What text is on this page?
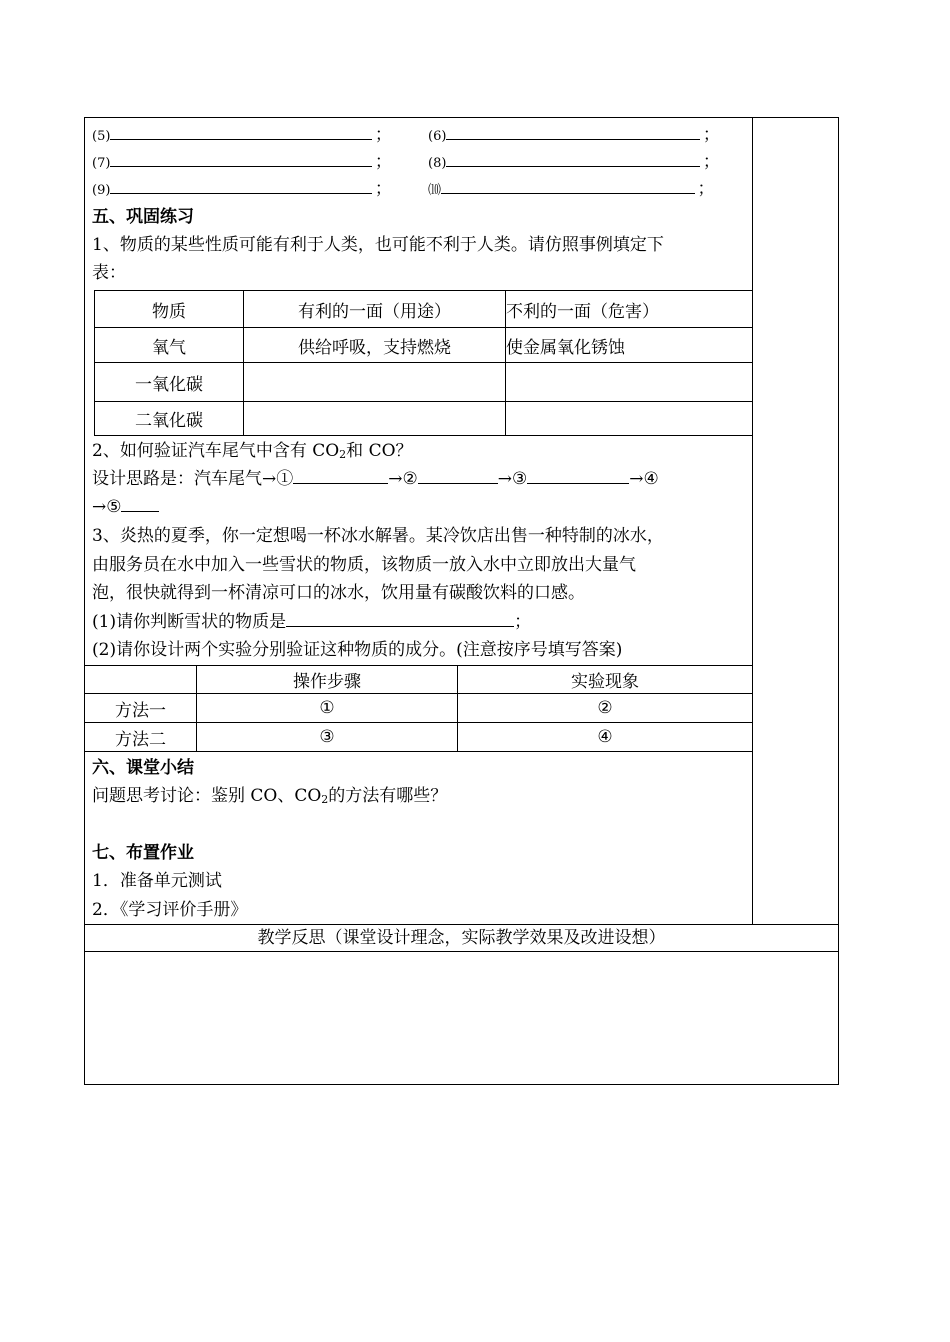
(5)	；	(6)	；
(7)	；	(8)	；
(9)	；	⑽	；
五、巩固练习
1、物质的某些性质可能有利于人类，也可能不利于人类。请仿照事例填定下
表：
物质	有利的一面（用途）	不利的一面（危害）
氧气	供给呼吸，支持燃烧	使金属氧化锈蚀
一氧化碳		
二氧化碳		
2、如何验证汽车尾气中含有 $CO_2$和 CO？
设计思路是：汽车尾气→①	→②	→③	→④
→⑤
3、炎热的夏季，你一定想喝一杯冰水解暑。某冷饮店出售一种特制的冰水，
由服务员在水中加入一些雪状的物质，该物质一放入水中立即放出大量气
泡，很快就得到一杯清凉可口的冰水，饮用量有碳酸饮料的口感。
(1)请你判断雪状的物质是	；
(2)请你设计两个实验分别验证这种物质的成分。(注意按序号填写答案)
	操作步骤	实验现象
方法一	①	②
方法二	③	④
六、课堂小结
问题思考讨论：鉴别 CO、$CO_2$的方法有哪些？
七、布置作业
1．准备单元测试
2．《学习评价手册》
教学反思（课堂设计理念，实际教学效果及改进设想）
